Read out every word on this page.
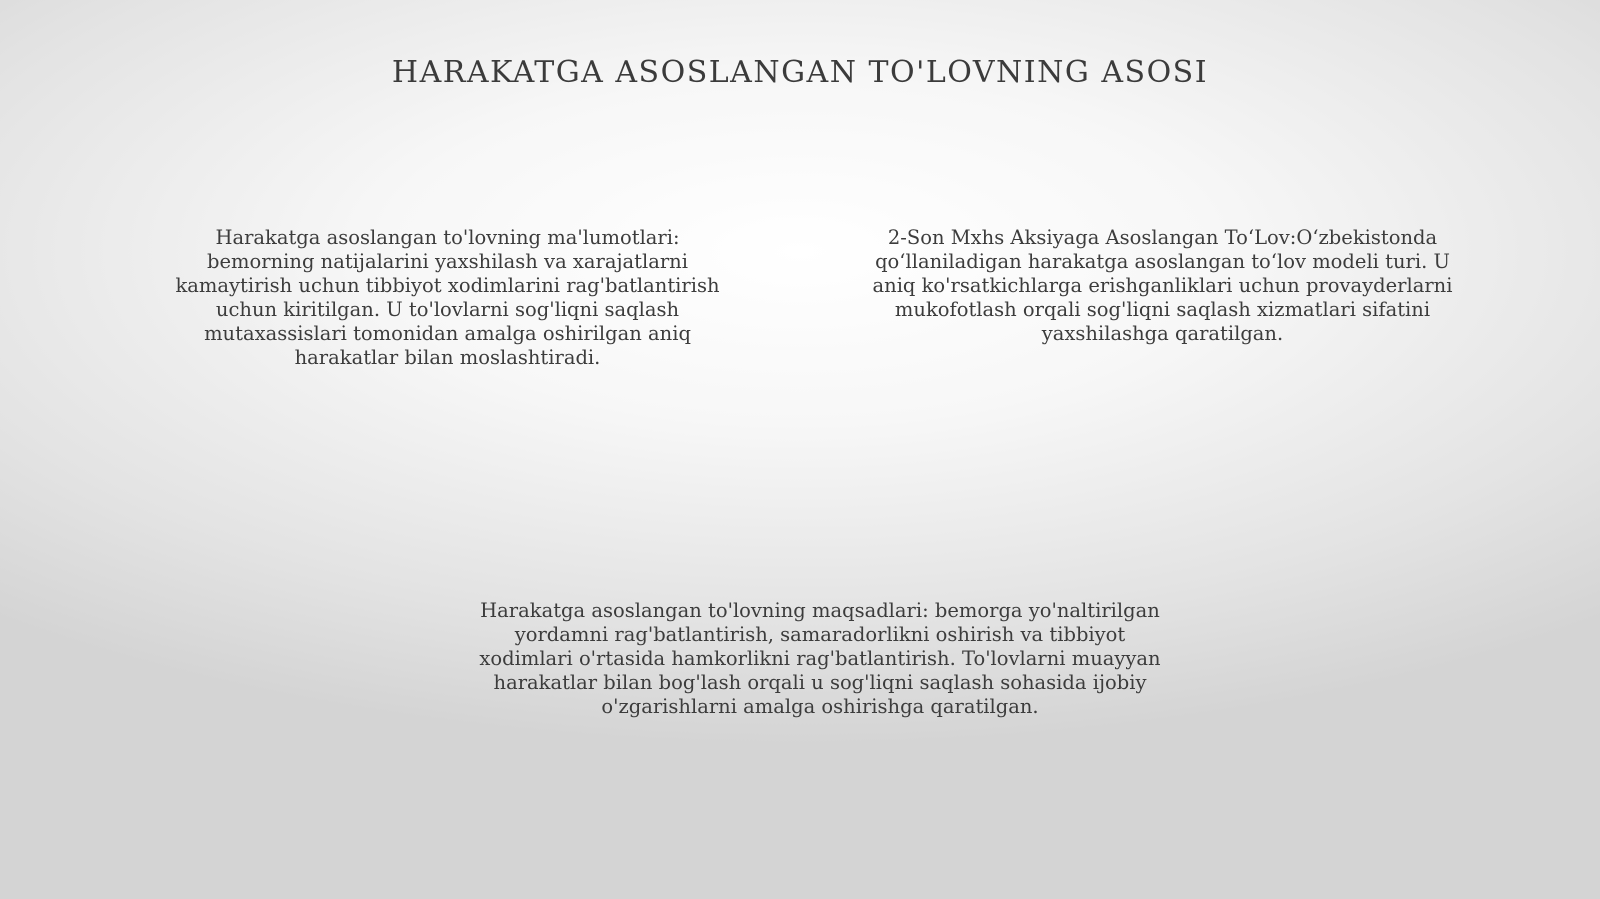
HARAKATGA ASOSLANGAN TO'LOVNING ASOSI

Harakatga asoslangan to'lovning ma'lumotlari: bemorning natijalarini yaxshilash va xarajatlarni kamaytirish uchun tibbiyot xodimlarini rag'batlantirish uchun kiritilgan. U to'lovlarni sog'liqni saqlash mutaxassislari tomonidan amalga oshirilgan aniq harakatlar bilan moslashtiradi.

2-Son Mxhs Aksiyaga Asoslangan To‘Lov:O‘zbekistonda qo‘llaniladigan harakatga asoslangan to‘lov modeli turi. U aniq ko'rsatkichlarga erishganliklari uchun provayderlarni mukofotlash orqali sog'liqni saqlash xizmatlari sifatini yaxshilashga qaratilgan.

Harakatga asoslangan to'lovning maqsadlari: bemorga yo'naltirilgan yordamni rag'batlantirish, samaradorlikni oshirish va tibbiyot xodimlari o'rtasida hamkorlikni rag'batlantirish. To'lovlarni muayyan harakatlar bilan bog'lash orqali u sog'liqni saqlash sohasida ijobiy o'zgarishlarni amalga oshirishga qaratilgan.
